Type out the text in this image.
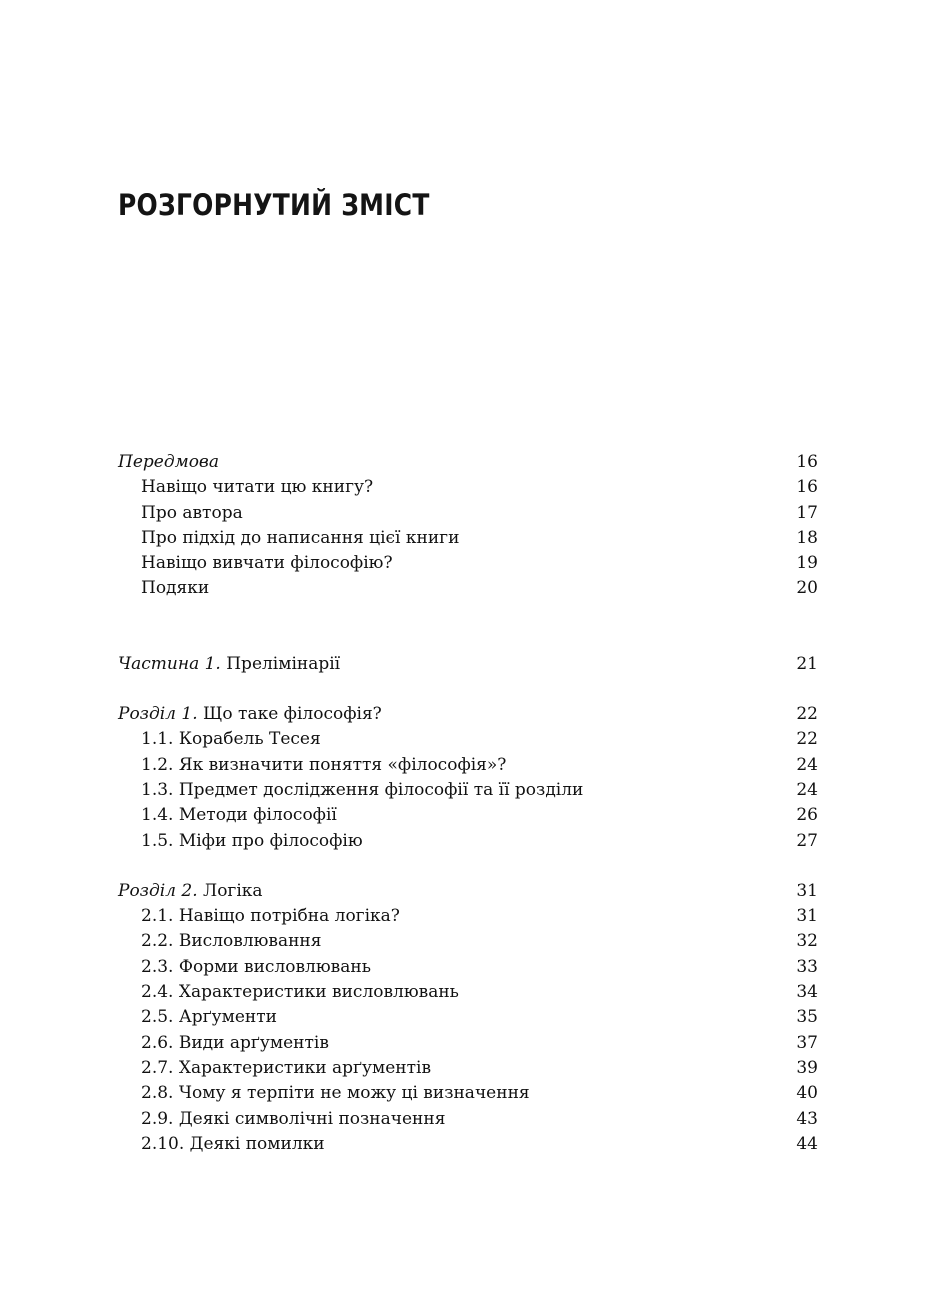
РОЗГОРНУТИЙ ЗМІСТ
Передмова	16
Навіщо читати цю книгу?	16
Про автора	17
Про підхід до написання цієї книги	18
Навіщо вивчати філософію?	19
Подяки	20
Частина 1. Прелімінарії	21
Розділ 1. Що таке філософія?	22
1.1. Корабель Тесея	22
1.2. Як визначити поняття «філософія»?	24
1.3. Предмет дослідження філософії та її розділи	24
1.4. Методи філософії	26
1.5. Міфи про філософію	27
Розділ 2. Логіка	31
2.1. Навіщо потрібна логіка?	31
2.2. Висловлювання	32
2.3. Форми висловлювань	33
2.4. Характеристики висловлювань	34
2.5. Арґументи	35
2.6. Види арґументів	37
2.7. Характеристики арґументів	39
2.8. Чому я терпіти не можу ці визначення	40
2.9. Деякі символічні позначення	43
2.10. Деякі помилки	44
